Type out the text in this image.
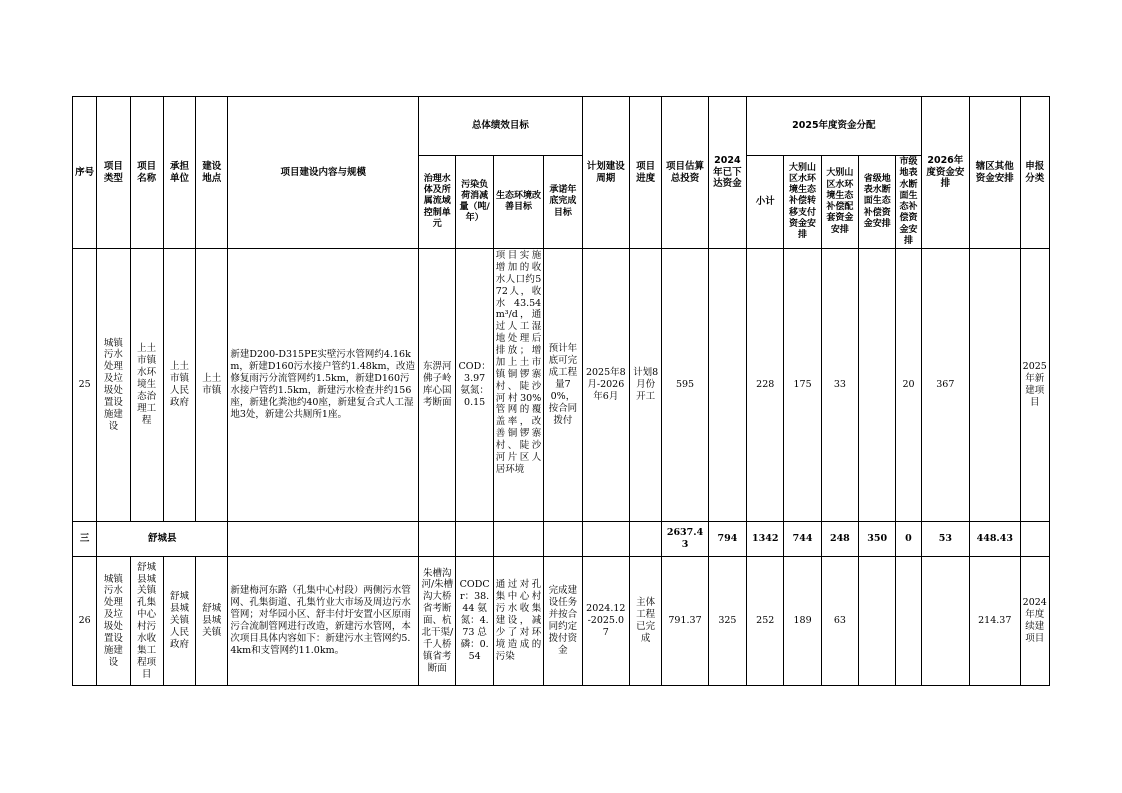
序号	项目类型	项目名称	承担单位	建设地点	项目建设内容与规模	总体绩效目标				计划建设周期	项目进度	项目估算总投资	2024年已下达资金	2025年度资金分配					2026年度资金安排	辖区其他资金安排	申报分类
						治理水体及所属流域控制单元	污染负荷消减量（吨/年）	生态环境改善目标	承诺年底完成目标					小计	大别山区水环境生态补偿转移支付资金安排	大别山区水环境生态补偿配套资金安排	省级地表水断面生态补偿资金安排	市级地表水断面生态补偿资金安排			
25	城镇污水处理及垃圾处置设施建设	上土市镇水环境生态治理工程	上土市镇人民政府	上土市镇	新建D200-D315PE实壁污水管网约4.16km，新建D160污水接户管约1.48km，改造修复雨污分流管网约1.5km，新建D160污水接户管约1.5km，新建污水检查井约156座，新建化粪池约40座，新建复合式人工湿地3处，新建公共厕所1座。	东淠河佛子岭库心国考断面	COD：3.97 氨氮：0.15	项目实施增加的收水人口约572人，收水43.54m³/d，通过人工湿地处理后排放；增加上土市镇铜锣寨村、陡沙河村30%管网的覆盖率，改善铜锣寨村、陡沙河片区人居环境	预计年底可完成工程量70%，按合同拨付	2025年8月-2026年6月	计划8月份开工	595		228	175	33		20	367		2025年新建项目
三	舒城县											2637.43	794	1342	744	248	350	0	53	448.43	
26	城镇污水处理及垃圾处置设施建设	舒城县城关镇孔集中心村污水收集工程项目	舒城县城关镇人民政府	舒城县城关镇	新建梅河东路（孔集中心村段）两侧污水管网、孔集街道、孔集竹业大市场及周边污水管网；对华园小区、舒丰付圩安置小区原雨污合流制管网进行改造，新建污水管网，本次项目具体内容如下：新建污水主管网约5.4km和支管网约11.0km。	朱槽沟河/朱槽沟大桥省考断面、杭北干渠/千人桥镇省考断面	CODCr：38.44 氨氮：4.73 总磷：0.54	通过对孔集中心村污水收集建设，减少了对环境造成的污染	完成建设任务并按合同约定拨付资金	2024.12-2025.07	主体工程已完成	791.37	325	252	189	63				214.37	2024年度续建项目
